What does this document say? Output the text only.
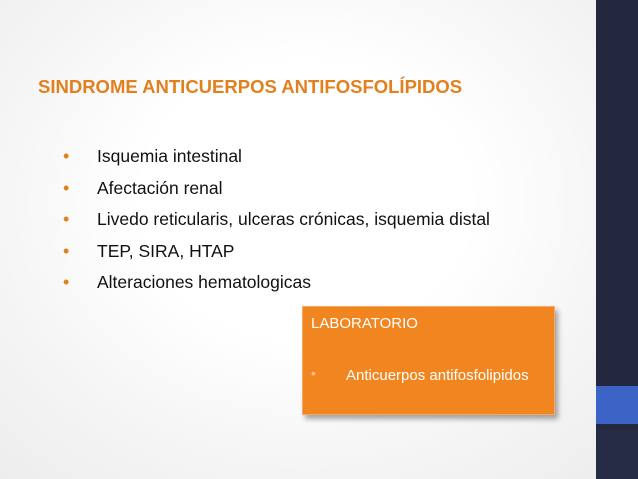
SINDROME ANTICUERPOS ANTIFOSFOLÍPIDOS
• Isquemia intestinal
• Afectación renal
• Livedo reticularis, ulceras crónicas, isquemia distal
• TEP, SIRA, HTAP
• Alteraciones hematologicas
LABORATORIO
• Anticuerpos antifosfolipidos
